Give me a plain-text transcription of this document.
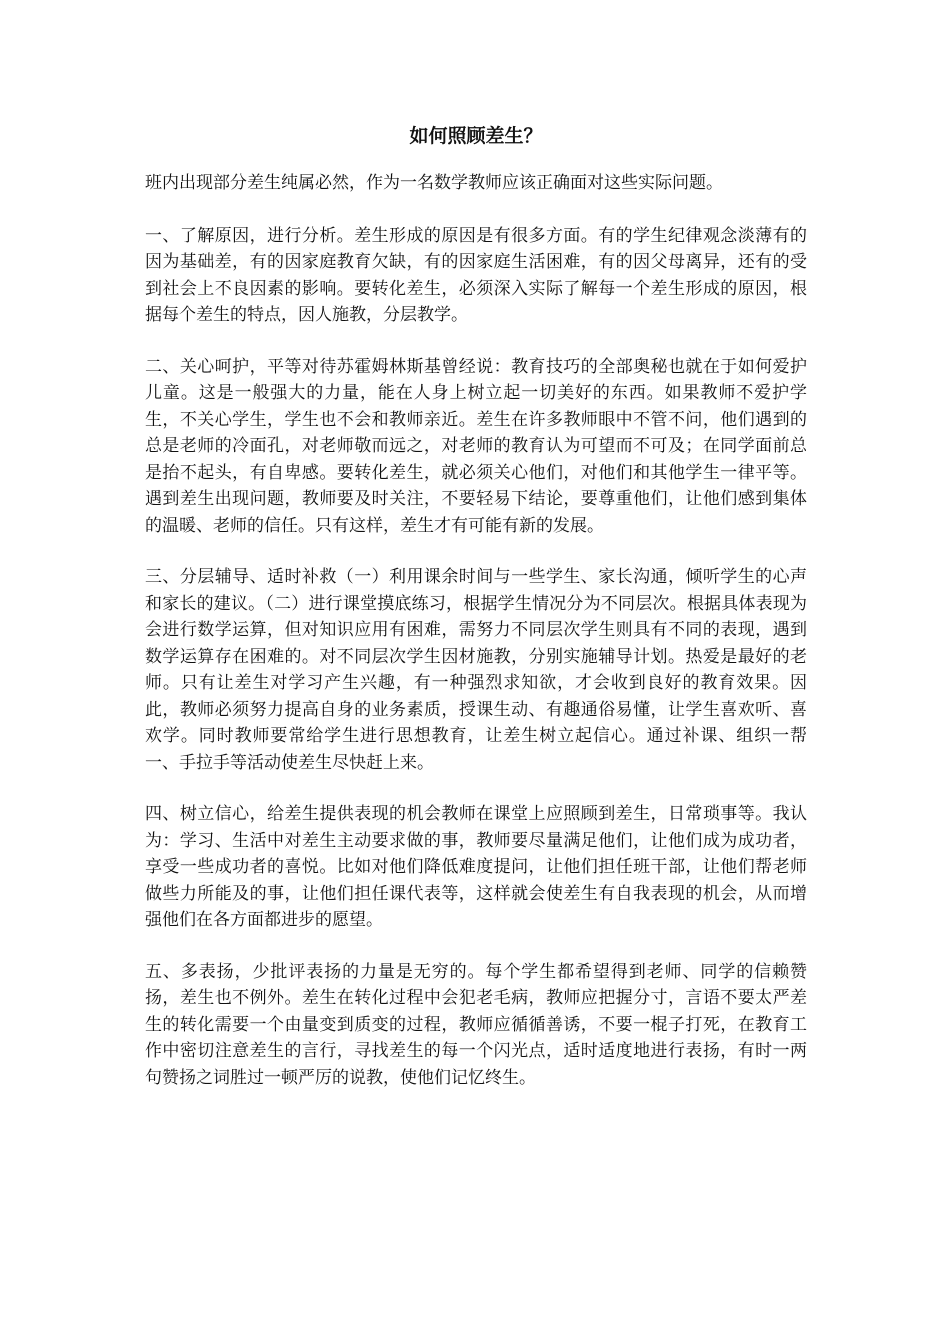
如何照顾差生？

班内出现部分差生纯属必然，作为一名数学教师应该正确面对这些实际问题。

一、了解原因，进行分析。差生形成的原因是有很多方面。有的学生纪律观念淡薄有的因为基础差，有的因家庭教育欠缺，有的因家庭生活困难，有的因父母离异，还有的受到社会上不良因素的影响。要转化差生，必须深入实际了解每一个差生形成的原因，根据每个差生的特点，因人施教，分层教学。

二、关心呵护，平等对待苏霍姆林斯基曾经说：教育技巧的全部奥秘也就在于如何爱护儿童。这是一般强大的力量，能在人身上树立起一切美好的东西。如果教师不爱护学生，不关心学生，学生也不会和教师亲近。差生在许多教师眼中不管不问，他们遇到的总是老师的冷面孔，对老师敬而远之，对老师的教育认为可望而不可及；在同学面前总是抬不起头，有自卑感。要转化差生，就必须关心他们，对他们和其他学生一律平等。遇到差生出现问题，教师要及时关注，不要轻易下结论，要尊重他们，让他们感到集体的温暖、老师的信任。只有这样，差生才有可能有新的发展。

三、分层辅导、适时补救（一）利用课余时间与一些学生、家长沟通，倾听学生的心声和家长的建议。（二）进行课堂摸底练习，根据学生情况分为不同层次。根据具体表现为会进行数学运算，但对知识应用有困难，需努力不同层次学生则具有不同的表现，遇到数学运算存在困难的。对不同层次学生因材施教，分别实施辅导计划。热爱是最好的老师。只有让差生对学习产生兴趣，有一种强烈求知欲，才会收到良好的教育效果。因此，教师必须努力提高自身的业务素质，授课生动、有趣通俗易懂，让学生喜欢听、喜欢学。同时教师要常给学生进行思想教育，让差生树立起信心。通过补课、组织一帮一、手拉手等活动使差生尽快赶上来。

四、树立信心，给差生提供表现的机会教师在课堂上应照顾到差生，日常琐事等。我认为：学习、生活中对差生主动要求做的事，教师要尽量满足他们，让他们成为成功者，享受一些成功者的喜悦。比如对他们降低难度提问，让他们担任班干部，让他们帮老师做些力所能及的事，让他们担任课代表等，这样就会使差生有自我表现的机会，从而增强他们在各方面都进步的愿望。

五、多表扬，少批评表扬的力量是无穷的。每个学生都希望得到老师、同学的信赖赞扬，差生也不例外。差生在转化过程中会犯老毛病，教师应把握分寸，言语不要太严差生的转化需要一个由量变到质变的过程，教师应循循善诱，不要一棍子打死，在教育工作中密切注意差生的言行，寻找差生的每一个闪光点，适时适度地进行表扬，有时一两句赞扬之词胜过一顿严厉的说教，使他们记忆终生。
